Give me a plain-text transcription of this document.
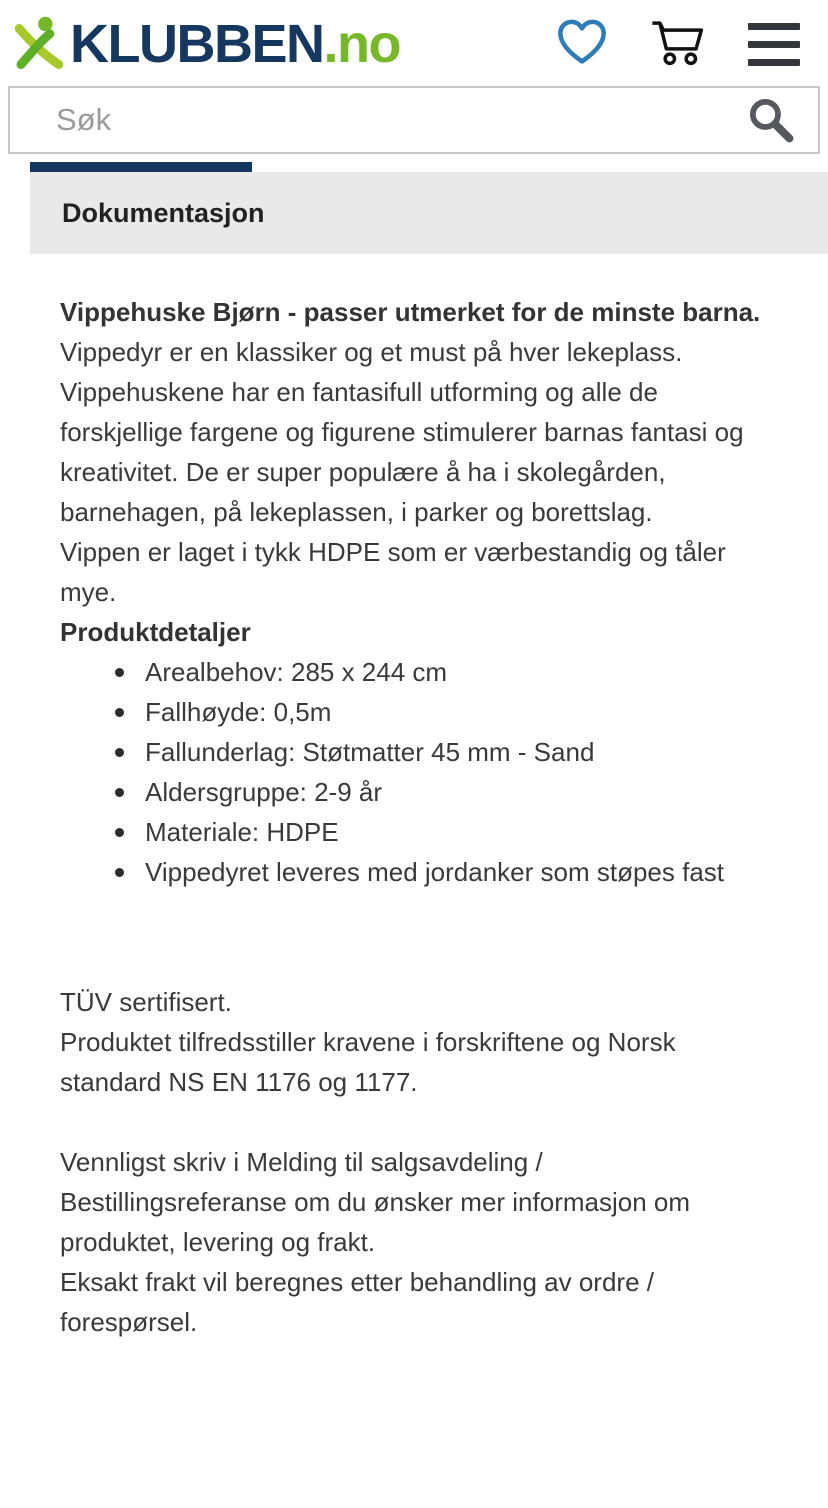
KLUBBEN.no
Søk
Dokumentasjon

Vippehuske Bjørn - passer utmerket for de minste barna.

Vippedyr er en klassiker og et must på hver lekeplass. Vippehuskene har en fantasifull utforming og alle de forskjellige fargene og figurene stimulerer barnas fantasi og kreativitet. De er super populære å ha i skolegården, barnehagen, på lekeplassen, i parker og borettslag.

Vippen er laget i tykk HDPE som er værbestandig og tåler mye.

Produktdetaljer

Arealbehov: 285 x 244 cm
Fallhøyde: 0,5m
Fallunderlag: Støtmatter 45 mm - Sand
Aldersgruppe: 2-9 år
Materiale: HDPE
Vippedyret leveres med jordanker som støpes fast

TÜV sertifisert.

Produktet tilfredsstiller kravene i forskriftene og Norsk standard NS EN 1176 og 1177.

Vennligst skriv i Melding til salgsavdeling / Bestillingsreferanse om du ønsker mer informasjon om produktet, levering og frakt.

Eksakt frakt vil beregnes etter behandling av ordre / forespørsel.
